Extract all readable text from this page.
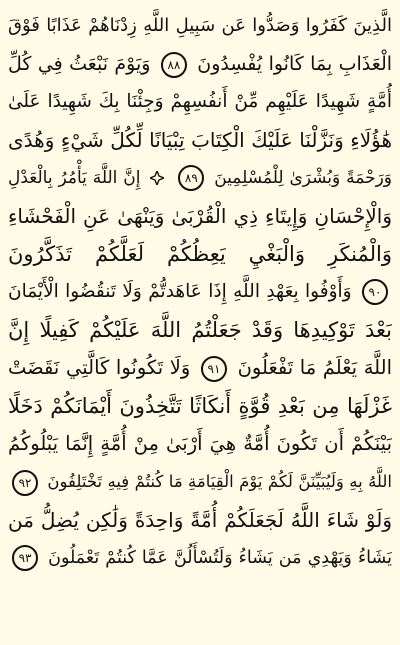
الَّذِينَ كَفَرُوا وَصَدُّوا عَن سَبِيلِ اللَّهِ زِدْنَاهُمْ عَذَابًا فَوْقَ
الْعَذَابِ بِمَا كَانُوا يُفْسِدُونَ ٨٨ وَيَوْمَ نَبْعَثُ فِي كُلِّ
أُمَّةٍ شَهِيدًا عَلَيْهِم مِّنْ أَنفُسِهِمْ وَجِئْنَا بِكَ شَهِيدًا عَلَىٰ
هَٰؤُلَاءِ وَنَزَّلْنَا عَلَيْكَ الْكِتَابَ تِبْيَانًا لِّكُلِّ شَيْءٍ وَهُدًى
وَرَحْمَةً وَبُشْرَىٰ لِلْمُسْلِمِينَ ٨٩  إِنَّ اللَّهَ يَأْمُرُ بِالْعَدْلِ
وَالْإِحْسَانِ وَإِيتَاءِ ذِي الْقُرْبَىٰ وَيَنْهَىٰ عَنِ الْفَحْشَاءِ
وَالْمُنكَرِ وَالْبَغْيِ يَعِظُكُمْ لَعَلَّكُمْ تَذَكَّرُونَ
٩٠ وَأَوْفُوا بِعَهْدِ اللَّهِ إِذَا عَاهَدتُّمْ وَلَا تَنقُضُوا الْأَيْمَانَ
بَعْدَ تَوْكِيدِهَا وَقَدْ جَعَلْتُمُ اللَّهَ عَلَيْكُمْ كَفِيلًا إِنَّ
اللَّهَ يَعْلَمُ مَا تَفْعَلُونَ ٩١ وَلَا تَكُونُوا كَالَّتِي نَقَضَتْ
غَزْلَهَا مِن بَعْدِ قُوَّةٍ أَنكَاثًا تَتَّخِذُونَ أَيْمَانَكُمْ دَخَلًا
بَيْنَكُمْ أَن تَكُونَ أُمَّةٌ هِيَ أَرْبَىٰ مِنْ أُمَّةٍ إِنَّمَا يَبْلُوكُمُ
اللَّهُ بِهِ وَلَيُبَيِّنَنَّ لَكُمْ يَوْمَ الْقِيَامَةِ مَا كُنتُمْ فِيهِ تَخْتَلِفُونَ ٩٢
وَلَوْ شَاءَ اللَّهُ لَجَعَلَكُمْ أُمَّةً وَاحِدَةً وَلَٰكِن يُضِلُّ مَن
يَشَاءُ وَيَهْدِي مَن يَشَاءُ وَلَتُسْأَلُنَّ عَمَّا كُنتُمْ تَعْمَلُونَ ٩٣
